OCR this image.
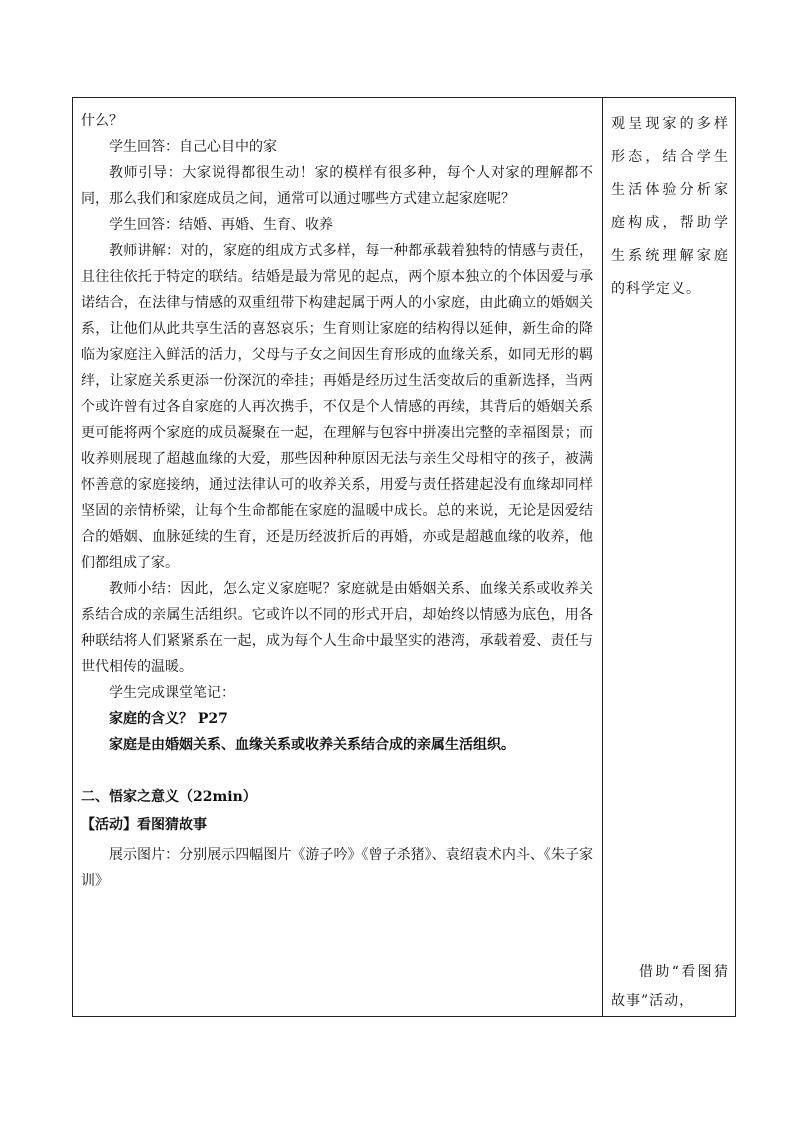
什么？

学生回答：自己心目中的家

教师引导：大家说得都很生动！家的模样有很多种，每个人对家的理解都不同，那么我们和家庭成员之间，通常可以通过哪些方式建立起家庭呢？

学生回答：结婚、再婚、生育、收养

教师讲解：对的，家庭的组成方式多样，每一种都承载着独特的情感与责任，且往往依托于特定的联结。结婚是最为常见的起点，两个原本独立的个体因爱与承诺结合，在法律与情感的双重纽带下构建起属于两人的小家庭，由此确立的婚姻关系，让他们从此共享生活的喜怒哀乐；生育则让家庭的结构得以延伸，新生命的降临为家庭注入鲜活的活力，父母与子女之间因生育形成的血缘关系，如同无形的羁绊，让家庭关系更添一份深沉的牵挂；再婚是经历过生活变故后的重新选择，当两个或许曾有过各自家庭的人再次携手，不仅是个人情感的再续，其背后的婚姻关系更可能将两个家庭的成员凝聚在一起，在理解与包容中拼凑出完整的幸福图景；而收养则展现了超越血缘的大爱，那些因种种原因无法与亲生父母相守的孩子，被满怀善意的家庭接纳，通过法律认可的收养关系，用爱与责任搭建起没有血缘却同样坚固的亲情桥梁，让每个生命都能在家庭的温暖中成长。总的来说，无论是因爱结合的婚姻、血脉延续的生育，还是历经波折后的再婚，亦或是超越血缘的收养，他们都组成了家。

教师小结：因此，怎么定义家庭呢？家庭就是由婚姻关系、血缘关系或收养关系结合成的亲属生活组织。它或许以不同的形式开启，却始终以情感为底色，用各种联结将人们紧紧系在一起，成为每个人生命中最坚实的港湾，承载着爱、责任与世代相传的温暖。

学生完成课堂笔记：

家庭的含义？ P27

家庭是由婚姻关系、血缘关系或收养关系结合成的亲属生活组织。

二、悟家之意义（22min）

【活动】看图猜故事

展示图片：分别展示四幅图片《游子吟》《曾子杀猪》、袁绍袁术内斗、《朱子家训》

观呈现家的多样形态，结合学生生活体验分析家庭构成，帮助学生系统理解家庭的科学定义。

借助“看图猜故事”活动，
